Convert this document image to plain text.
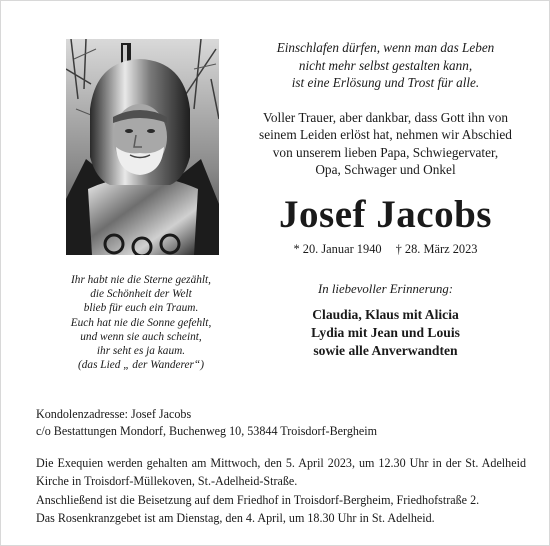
Ihr habt nie die Sterne gezählt,
die Schönheit der Welt
blieb für euch ein Traum.
Euch hat nie die Sonne gefehlt,
und wenn sie auch scheint,
ihr seht es ja kaum.
(das Lied „ der Wanderer“)
Einschlafen dürfen, wenn man das Leben
nicht mehr selbst gestalten kann,
ist eine Erlösung und Trost für alle.
Voller Trauer, aber dankbar, dass Gott ihn von
seinem Leiden erlöst hat, nehmen wir Abschied
von unserem lieben Papa, Schwiegervater,
Opa, Schwager und Onkel
Josef Jacobs
* 20. Januar 1940 † 28. März 2023
In liebevoller Erinnerung:
Claudia, Klaus mit Alicia
Lydia mit Jean und Louis
sowie alle Anverwandten
Kondolenzadresse: Josef Jacobs
c/o Bestattungen Mondorf, Buchenweg 10, 53844 Troisdorf-Bergheim

Die Exequien werden gehalten am Mittwoch, den 5. April 2023, um 12.30 Uhr in der St. Adelheid Kirche in Troisdorf-Müllekoven, St.-Adelheid-Straße.

Anschließend ist die Beisetzung auf dem Friedhof in Troisdorf-Bergheim, Friedhofstraße 2.

Das Rosenkranzgebet ist am Dienstag, den 4. April, um 18.30 Uhr in St. Adelheid.
